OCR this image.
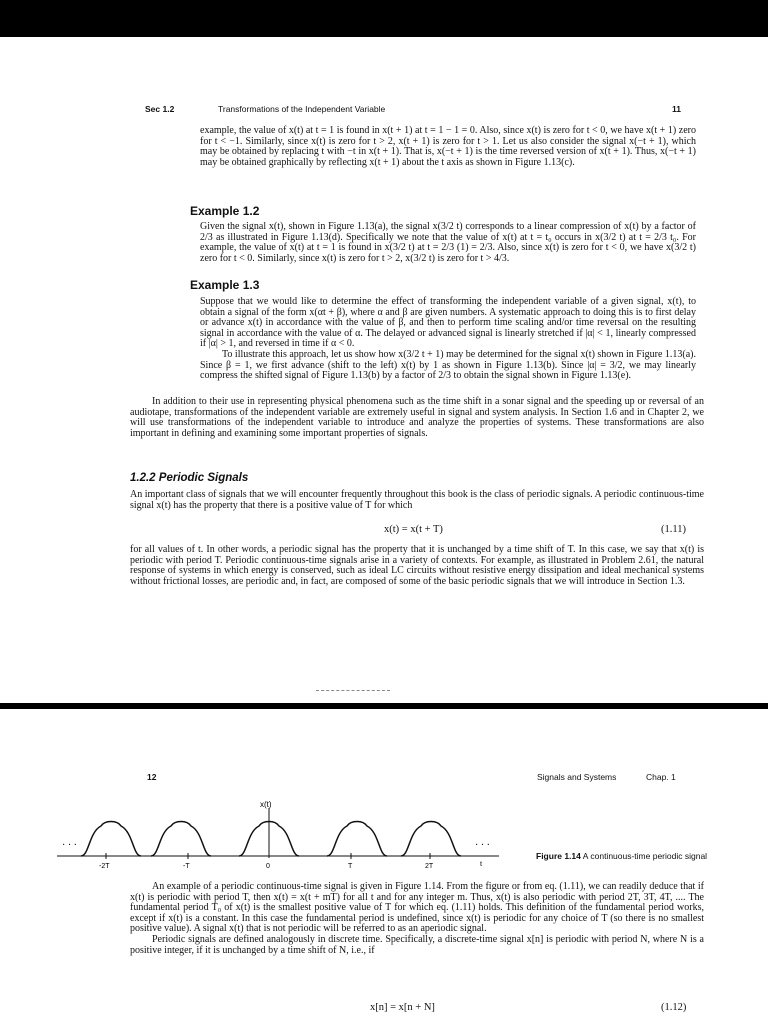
Sec 1.2	Transformations of the Independent Variable	11

example, the value of x(t) at t = 1 is found in x(t + 1) at t = 1 − 1 = 0. Also, since x(t) is zero for t < 0, we have x(t + 1) zero for t < −1. Similarly, since x(t) is zero for t > 2, x(t + 1) is zero for t > 1. Let us also consider the signal x(−t + 1), which may be obtained by replacing t with −t in x(t + 1). That is, x(−t + 1) is the time reversed version of x(t + 1). Thus, x(−t + 1) may be obtained graphically by reflecting x(t + 1) about the t axis as shown in Figure 1.13(c).

Example 1.2

Given the signal x(t), shown in Figure 1.13(a), the signal x(3/2 t) corresponds to a linear compression of x(t) by a factor of 2/3 as illustrated in Figure 1.13(d). Specifically we note that the value of x(t) at t = t₀ occurs in x(3/2 t) at t = 2/3 t₀. For example, the value of x(t) at t = 1 is found in x(3/2 t) at t = 2/3 (1) = 2/3. Also, since x(t) is zero for t < 0, we have x(3/2 t) zero for t < 0. Similarly, since x(t) is zero for t > 2, x(3/2 t) is zero for t > 4/3.

Example 1.3
Suppose that we would like to determine the effect of transforming the independent variable of a given signal, x(t), to obtain a signal of the form x(αt + β), where α and β are given numbers. A systematic approach to doing this is to first delay or advance x(t) in accordance with the value of β, and then to perform time scaling and/or time reversal on the resulting signal in accordance with the value of α. The delayed or advanced signal is linearly stretched if |α| < 1, linearly compressed if |α| > 1, and reversed in time if α < 0.
To illustrate this approach, let us show how x(3/2 t + 1) may be determined for the signal x(t) shown in Figure 1.13(a). Since β = 1, we first advance (shift to the left) x(t) by 1 as shown in Figure 1.13(b). Since |α| = 3/2, we may linearly compress the shifted signal of Figure 1.13(b) by a factor of 2/3 to obtain the signal shown in Figure 1.13(e).

In addition to their use in representing physical phenomena such as the time shift in a sonar signal and the speeding up or reversal of an audiotape, transformations of the independent variable are extremely useful in signal and system analysis. In Section 1.6 and in Chapter 2, we will use transformations of the independent variable to introduce and analyze the properties of systems. These transformations are also important in defining and examining some important properties of signals.

1.2.2 Periodic Signals

An important class of signals that we will encounter frequently throughout this book is the class of periodic signals. A periodic continuous-time signal x(t) has the property that there is a positive value of T for which

x(t) = x(t + T)	(1.11)

for all values of t. In other words, a periodic signal has the property that it is unchanged by a time shift of T. In this case, we say that x(t) is periodic with period T. Periodic continuous-time signals arise in a variety of contexts. For example, as illustrated in Problem 2.61, the natural response of systems in which energy is conserved, such as ideal LC circuits without resistive energy dissipation and ideal mechanical systems without frictional losses, are periodic and, in fact, are composed of some of the basic periodic signals that we will introduce in Section 1.3.

12	Signals and Systems	Chap. 1
x(t)
t
· · ·	· · ·
-2T	-T	0	T	2T
Figure 1.14 A continuous-time periodic signal
An example of a periodic continuous-time signal is given in Figure 1.14. From the figure or from eq. (1.11), we can readily deduce that if x(t) is periodic with period T, then x(t) = x(t + mT) for all t and for any integer m. Thus, x(t) is also periodic with period 2T, 3T, 4T, .... The fundamental period T₀ of x(t) is the smallest positive value of T for which eq. (1.11) holds. This definition of the fundamental period works, except if x(t) is a constant. In this case the fundamental period is undefined, since x(t) is periodic for any choice of T (so there is no smallest positive value). A signal x(t) that is not periodic will be referred to as an aperiodic signal.
Periodic signals are defined analogously in discrete time. Specifically, a discrete-time signal x[n] is periodic with period N, where N is a positive integer, if it is unchanged by a time shift of N, i.e., if
x[n] = x[n + N]	(1.12)
